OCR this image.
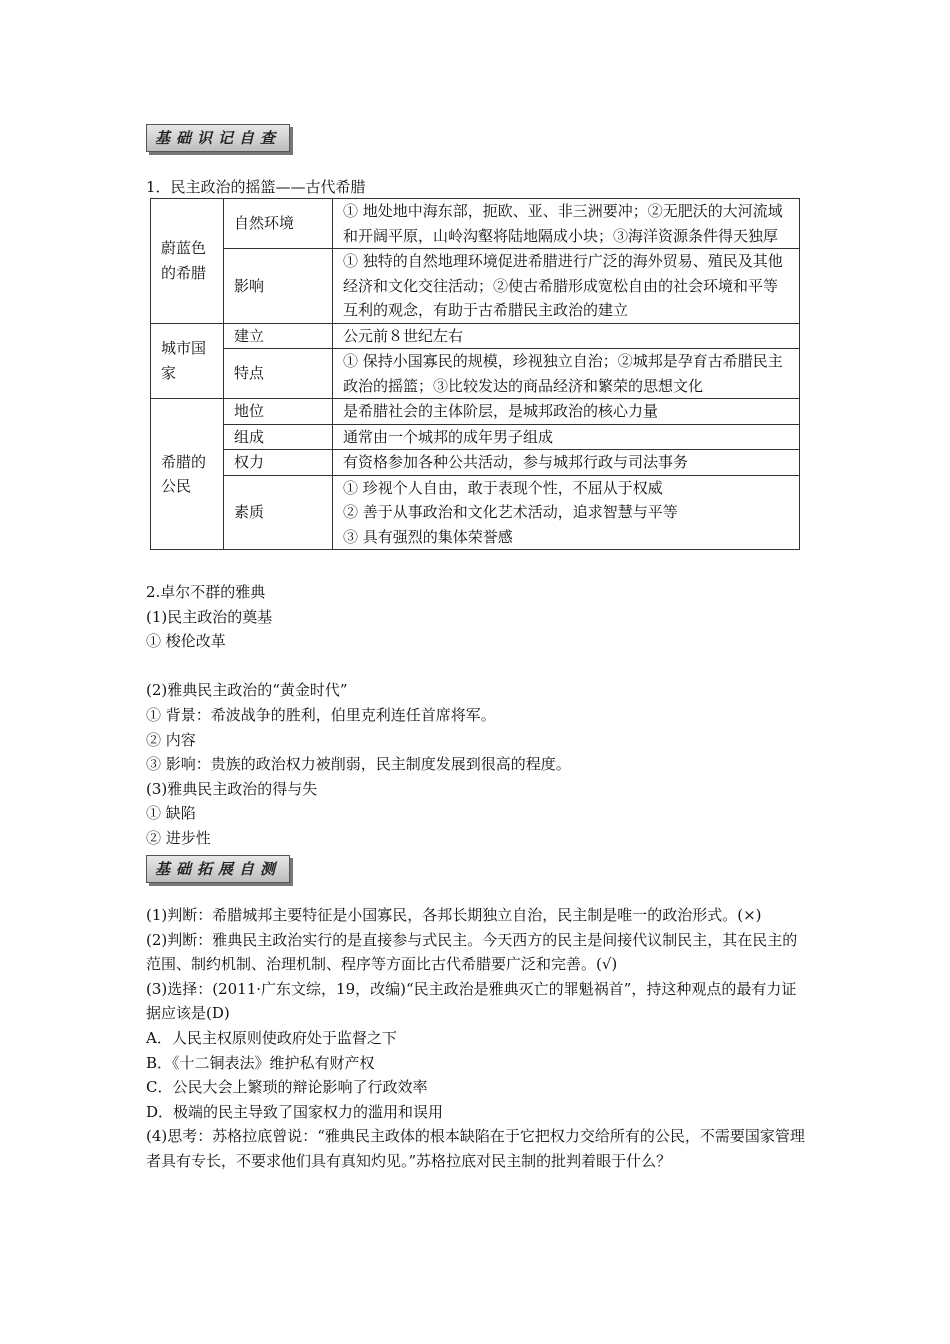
基础识记自查
1．民主政治的摇篮——古代希腊
蔚蓝色的希腊	自然环境	① 地处地中海东部，扼欧、亚、非三洲要冲；②无肥沃的大河流域和开阔平原，山岭沟壑将陆地隔成小块；③海洋资源条件得天独厚
	影响	① 独特的自然地理环境促进希腊进行广泛的海外贸易、殖民及其他经济和文化交往活动；②使古希腊形成宽松自由的社会环境和平等互利的观念，有助于古希腊民主政治的建立
城市国家	建立	公元前８世纪左右
	特点	① 保持小国寡民的规模，珍视独立自治；②城邦是孕育古希腊民主政治的摇篮；③比较发达的商品经济和繁荣的思想文化
希腊的公民	地位	是希腊社会的主体阶层，是城邦政治的核心力量
	组成	通常由一个城邦的成年男子组成
	权力	有资格参加各种公共活动，参与城邦行政与司法事务
	素质	① 珍视个人自由，敢于表现个性，不屈从于权威
② 善于从事政治和文化艺术活动，追求智慧与平等
③ 具有强烈的集体荣誉感

2.卓尔不群的雅典

(1)民主政治的奠基

① 梭伦改革

(2)雅典民主政治的“黄金时代”

① 背景：希波战争的胜利，伯里克利连任首席将军。

② 内容

③ 影响：贵族的政治权力被削弱，民主制度发展到很高的程度。

(3)雅典民主政治的得与失

① 缺陷

② 进步性

基础拓展自测

(1)判断：希腊城邦主要特征是小国寡民，各邦长期独立自治，民主制是唯一的政治形式。(×)

(2)判断：雅典民主政治实行的是直接参与式民主。今天西方的民主是间接代议制民主，其在民主的范围、制约机制、治理机制、程序等方面比古代希腊要广泛和完善。(√)

(3)选择：(2011·广东文综，19，改编)“民主政治是雅典灭亡的罪魁祸首”，持这种观点的最有力证据应该是(D)

A．人民主权原则使政府处于监督之下

B．《十二铜表法》维护私有财产权

C．公民大会上繁琐的辩论影响了行政效率

D．极端的民主导致了国家权力的滥用和误用

(4)思考：苏格拉底曾说：“雅典民主政体的根本缺陷在于它把权力交给所有的公民，不需要国家管理者具有专长，不要求他们具有真知灼见。”苏格拉底对民主制的批判着眼于什么？
